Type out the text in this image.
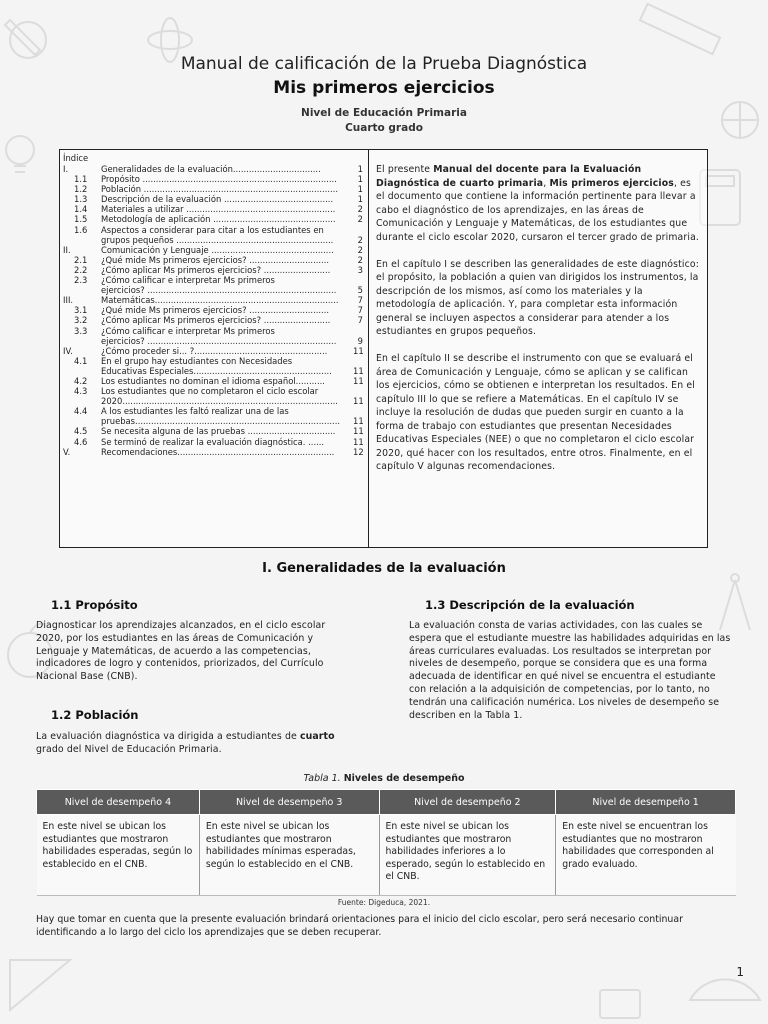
Manual de calificación de la Prueba Diagnóstica
Mis primeros ejercicios
Nivel de Educación Primaria
Cuarto grado
Índice
I.	Generalidades de la evaluación.................................	1
1.1	Propósito .........................................................................	1
1.2	Población .........................................................................	1
1.3	Descripción de la evaluación .........................................	1
1.4	Materiales a utilizar ........................................................	2
1.5	Metodología de aplicación ..............................................	2
1.6	Aspectos a considerar para citar a los estudiantes en
grupos pequeños ...........................................................	2
II.	Comunicación y Lenguaje ..............................................	2
2.1	¿Qué mide Ms primeros ejercicios? ..............................	2
2.2	¿Cómo aplicar Ms primeros ejercicios? .........................	3
2.3	¿Cómo calificar e interpretar Ms primeros
ejercicios? .......................................................................	5
III.	Matemáticas.....................................................................	7
3.1	¿Qué mide Ms primeros ejercicios? ..............................	7
3.2	¿Cómo aplicar Ms primeros ejercicios? .........................	7
3.3	¿Cómo calificar e interpretar Ms primeros
ejercicios? .......................................................................	9
IV.	¿Cómo proceder si... ?..................................................	11
4.1	En el grupo hay estudiantes con Necesidades
Educativas Especiales....................................................	11
4.2	Los estudiantes no dominan el idioma español...........	11
4.3	Los estudiantes que no completaron el ciclo escolar
2020.................................................................................	11
4.4	A los estudiantes les faltó realizar una de las
pruebas.............................................................................	11
4.5	Se necesita alguna de las pruebas .................................	11
4.6	Se terminó de realizar la evaluación diagnóstica. ......	11
V.	Recomendaciones...........................................................	12

El presente Manual del docente para la Evaluación Diagnóstica de cuarto primaria, Mis primeros ejercicios, es el documento que contiene la información pertinente para llevar a cabo el diagnóstico de los aprendizajes, en las áreas de Comunicación y Lenguaje y Matemáticas, de los estudiantes que durante el ciclo escolar 2020, cursaron el tercer grado de primaria.

En el capítulo I se describen las generalidades de este diagnóstico: el propósito, la población a quien van dirigidos los instrumentos, la descripción de los mismos, así como los materiales y la metodología de aplicación. Y, para completar esta información general se incluyen aspectos a considerar para atender a los estudiantes en grupos pequeños.

En el capítulo II se describe el instrumento con que se evaluará el área de Comunicación y Lenguaje, cómo se aplican y se califican los ejercicios, cómo se obtienen e interpretan los resultados. En el capítulo III lo que se refiere a Matemáticas. En el capítulo IV se incluye la resolución de dudas que pueden surgir en cuanto a la forma de trabajo con estudiantes que presentan Necesidades Educativas Especiales (NEE) o que no completaron el ciclo escolar 2020, qué hacer con los resultados, entre otros. Finalmente, en el capítulo V algunas recomendaciones.

I. Generalidades de la evaluación
1.1 Propósito
Diagnosticar los aprendizajes alcanzados, en el ciclo escolar 2020, por los estudiantes en las áreas de Comunicación y Lenguaje y Matemáticas, de acuerdo a las competencias, indicadores de logro y contenidos, priorizados, del Currículo Nacional Base (CNB).
1.2 Población
La evaluación diagnóstica va dirigida a estudiantes de cuarto grado del Nivel de Educación Primaria.
1.3 Descripción de la evaluación
La evaluación consta de varias actividades, con las cuales se espera que el estudiante muestre las habilidades adquiridas en las áreas curriculares evaluadas. Los resultados se interpretan por niveles de desempeño, porque se considera que es una forma adecuada de identificar en qué nivel se encuentra el estudiante con relación a la adquisición de competencias, por lo tanto, no tendrán una calificación numérica. Los niveles de desempeño se describen en la Tabla 1.
Tabla 1. Niveles de desempeño
Nivel de desempeño 4	Nivel de desempeño 3	Nivel de desempeño 2	Nivel de desempeño 1
En este nivel se ubican los estudiantes que mostraron habilidades esperadas, según lo establecido en el CNB.	En este nivel se ubican los estudiantes que mostraron habilidades mínimas esperadas, según lo establecido en el CNB.	En este nivel se ubican los estudiantes que mostraron habilidades inferiores a lo esperado, según lo establecido en el CNB.	En este nivel se encuentran los estudiantes que no mostraron habilidades que corresponden al grado evaluado.
Fuente: Digeduca, 2021.
Hay que tomar en cuenta que la presente evaluación brindará orientaciones para el inicio del ciclo escolar, pero será necesario continuar identificando a lo largo del ciclo los aprendizajes que se deben recuperar.
1
